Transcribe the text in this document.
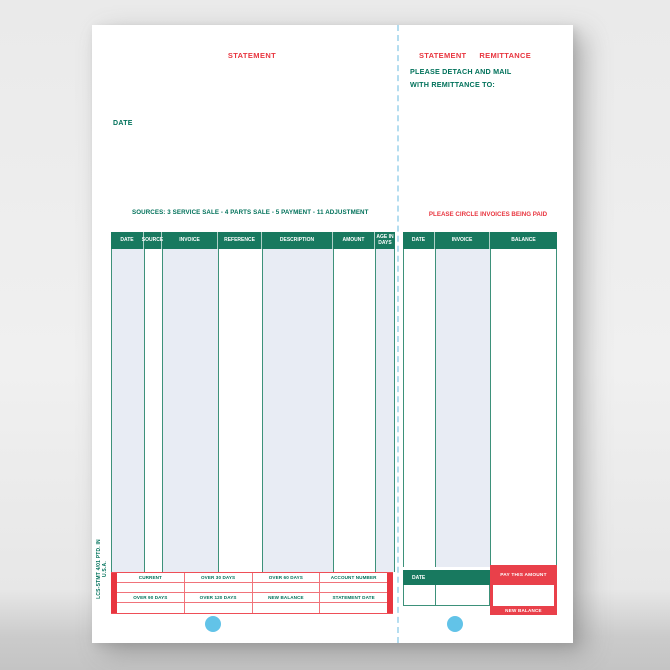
STATEMENT
DATE
SOURCES: 3 SERVICE SALE - 4 PARTS SALE - 5 PAYMENT - 11 ADJUSTMENT
DATE	SOURCE	INVOICE	REFERENCE	DESCRIPTION	AMOUNT	AGE IN DAYS
CURRENT	OVER 30 DAYS	OVER 60 DAYS	ACCOUNT NUMBER
OVER 90 DAYS	OVER 120 DAYS	NEW BALANCE	STATEMENT DATE
LCS-STMT 4/01 PTD. IN U.S.A.
STATEMENT REMITTANCE
PLEASE DETACH AND MAIL
WITH REMITTANCE TO:
PLEASE CIRCLE INVOICES BEING PAID
DATE	INVOICE	BALANCE
DATE	PAY THIS AMOUNT
NEW BALANCE
